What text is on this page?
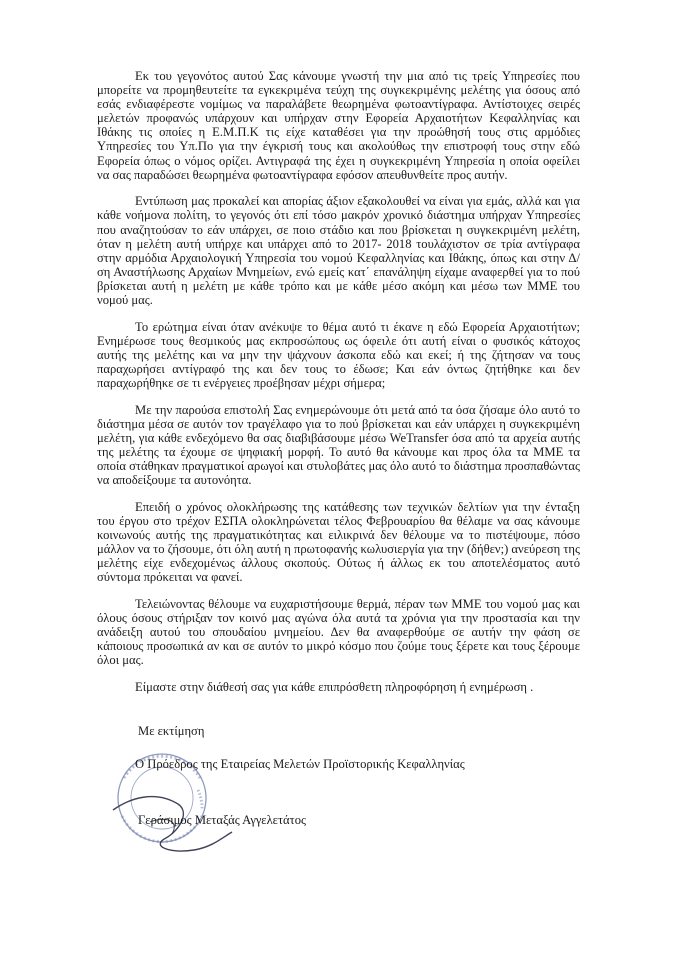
Εκ του γεγονότος αυτού Σας κάνουμε γνωστή την μια από τις τρείς Υπηρεσίες που μπορείτε να προμηθευτείτε τα εγκεκριμένα τεύχη της συγκεκριμένης μελέτης για όσους από εσάς ενδιαφέρεστε νομίμως να παραλάβετε θεωρημένα φωτοαντίγραφα. Αντίστοιχες σειρές μελετών προφανώς υπάρχουν και υπήρχαν στην Εφορεία Αρχαιοτήτων Κεφαλληνίας και Ιθάκης τις οποίες η Ε.Μ.Π.Κ τις είχε καταθέσει για την προώθησή τους στις αρμόδιες Υπηρεσίες του Υπ.Πο για την έγκρισή τους και ακολούθως την επιστροφή τους στην εδώ Εφορεία όπως ο νόμος ορίζει. Αντιγραφά της έχει η συγκεκριμένη Υπηρεσία η οποία οφείλει να σας παραδώσει θεωρημένα φωτοαντίγραφα εφόσον απευθυνθείτε προς αυτήν.

Εντύπωση μας προκαλεί και απορίας άξιον εξακολουθεί να είναι για εμάς, αλλά και για κάθε νοήμονα πολίτη, το γεγονός ότι επί τόσο μακρόν χρονικό διάστημα υπήρχαν Υπηρεσίες που αναζητούσαν το εάν υπάρχει, σε ποιο στάδιο και που βρίσκεται η συγκεκριμένη μελέτη, όταν η μελέτη αυτή υπήρχε και υπάρχει από το 2017- 2018 τουλάχιστον σε τρία αντίγραφα στην αρμόδια Αρχαιολογική Υπηρεσία του νομού Κεφαλληνίας και Ιθάκης, όπως και στην Δ/ση Αναστήλωσης Αρχαίων Μνημείων, ενώ εμείς κατ΄ επανάληψη είχαμε αναφερθεί για το πού βρίσκεται αυτή η μελέτη με κάθε τρόπο και με κάθε μέσο ακόμη και μέσω των ΜΜΕ του νομού μας.

Το ερώτημα είναι όταν ανέκυψε το θέμα αυτό τι έκανε η εδώ Εφορεία Αρχαιοτήτων; Ενημέρωσε τους θεσμικούς μας εκπροσώπους ως όφειλε ότι αυτή είναι ο φυσικός κάτοχος αυτής της μελέτης και να μην την ψάχνουν άσκοπα εδώ και εκεί; ή της ζήτησαν να τους παραχωρήσει αντίγραφό της και δεν τους το έδωσε; Και εάν όντως ζητήθηκε και δεν παραχωρήθηκε σε τι ενέργειες προέβησαν μέχρι σήμερα;

Με την παρούσα επιστολή Σας ενημερώνουμε ότι μετά από τα όσα ζήσαμε όλο αυτό το διάστημα μέσα σε αυτόν τον τραγέλαφο για το πού βρίσκεται και εάν υπάρχει η συγκεκριμένη μελέτη, για κάθε ενδεχόμενο θα σας διαβιβάσουμε μέσω WeTransfer όσα από τα αρχεία αυτής της μελέτης τα έχουμε σε ψηφιακή μορφή. Το αυτό θα κάνουμε και προς όλα τα ΜΜΕ τα οποία στάθηκαν πραγματικοί αρωγοί και στυλοβάτες μας όλο αυτό το διάστημα προσπαθώντας να αποδείξουμε τα αυτονόητα.

Επειδή ο χρόνος ολοκλήρωσης της κατάθεσης των τεχνικών δελτίων για την ένταξη του έργου στο τρέχον ΕΣΠΑ ολοκληρώνεται τέλος Φεβρουαρίου θα θέλαμε να σας κάνουμε κοινωνούς αυτής της πραγματικότητας και ειλικρινά δεν θέλουμε να το πιστέψουμε, πόσο μάλλον να το ζήσουμε, ότι όλη αυτή η πρωτοφανής κωλυσιεργία για την (δήθεν;) ανεύρεση της μελέτης είχε ενδεχομένως άλλους σκοπούς. Ούτως ή άλλως εκ του αποτελέσματος αυτό σύντομα πρόκειται να φανεί.

Τελειώνοντας θέλουμε να ευχαριστήσουμε θερμά, πέραν των ΜΜΕ του νομού μας και όλους όσους στήριξαν τον κοινό μας αγώνα όλα αυτά τα χρόνια για την προστασία και την ανάδειξη αυτού του σπουδαίου μνημείου. Δεν θα αναφερθούμε σε αυτήν την φάση σε κάποιους προσωπικά αν και σε αυτόν το μικρό κόσμο που ζούμε τους ξέρετε και τους ξέρουμε όλοι μας.

Είμαστε στην διάθεσή σας για κάθε επιπρόσθετη πληροφόρηση ή ενημέρωση .

Με εκτίμηση
Ο Πρόεδρος της Εταιρείας Μελετών Προϊστορικής Κεφαλληνίας
Γεράσιμος Μεταξάς Αγγελετάτος
